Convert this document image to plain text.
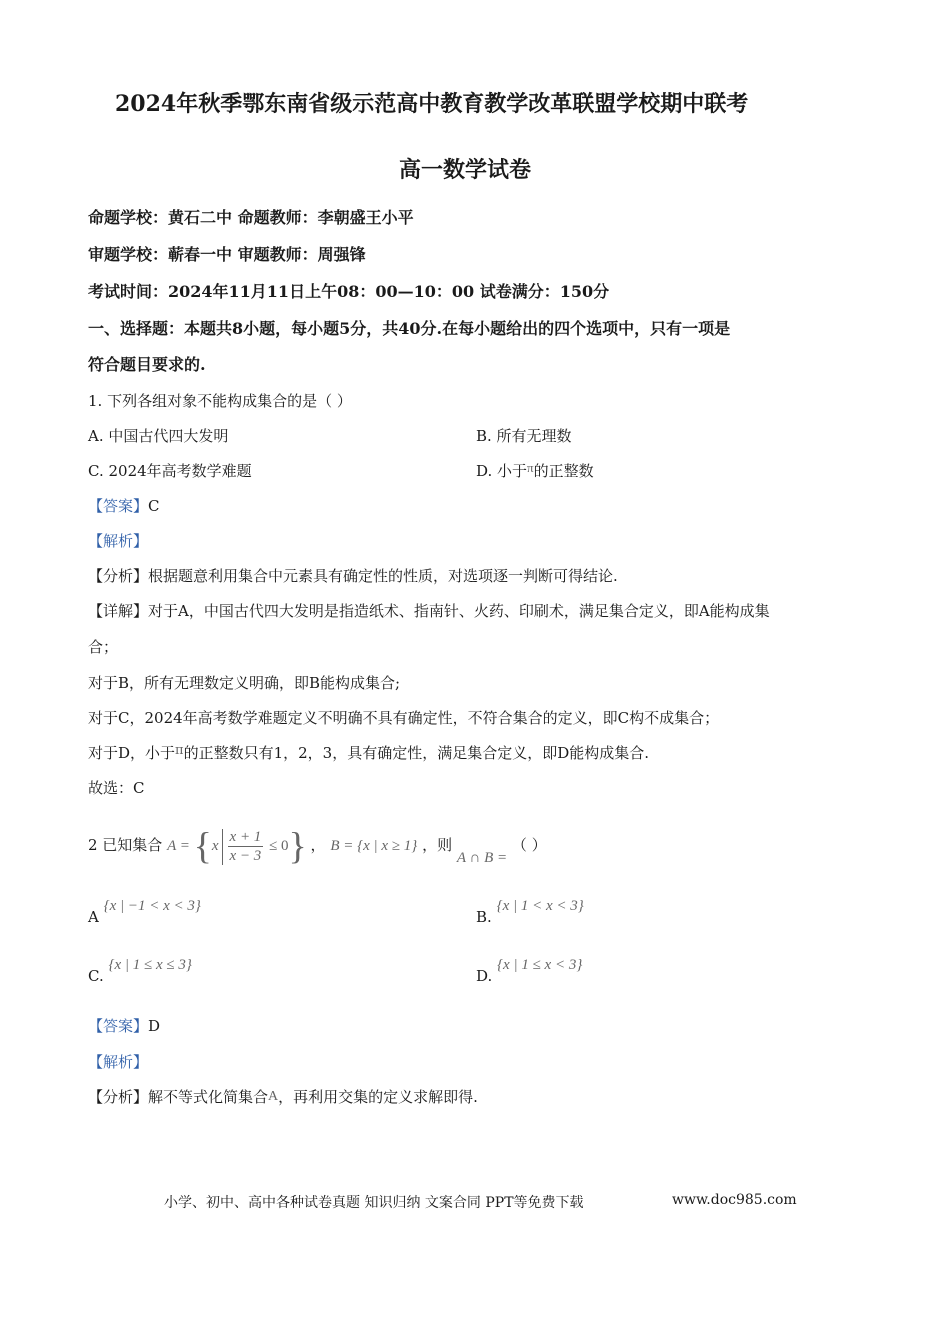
2024年秋季鄂东南省级示范高中教育教学改革联盟学校期中联考
高一数学试卷
命题学校：黄石二中 命题教师：李朝盛王小平
审题学校：蕲春一中 审题教师：周强锋
考试时间：2024年11月11日上午08：00—10：00 试卷满分：150分
一、选择题：本题共8小题，每小题5分，共40分.在每小题给出的四个选项中，只有一项是
符合题目要求的.
1. 下列各组对象不能构成集合的是（ ）
A. 中国古代四大发明	B. 所有无理数
C. 2024年高考数学难题	D. 小于π的正整数
【答案】C
【解析】
【分析】根据题意利用集合中元素具有确定性的性质，对选项逐一判断可得结论.
【详解】对于A，中国古代四大发明是指造纸术、指南针、火药、印刷术，满足集合定义，即A能构成集
合；
对于B，所有无理数定义明确，即B能构成集合;
对于C，2024年高考数学难题定义不明确不具有确定性，不符合集合的定义，即C构不成集合；
对于D，小于π的正整数只有1，2，3，具有确定性，满足集合定义，即D能构成集合.
故选：C
2 已知集合 $A = \{x \frac{x + 1}{x - 3} \le 0\}$ ， B = {x | x ≥ 1} ，则 A ∩ B = （ ）
A {x | −1 < x < 3}
B. {x | 1 < x < 3}
C. {x | 1 ≤ x ≤ 3}
D. {x | 1 ≤ x < 3}
【答案】D
【解析】
【分析】解不等式化简集合A，再利用交集的定义求解即得.
小学、初中、高中各种试卷真题 知识归纳 文案合同 PPT等免费下载	www.doc985.com
